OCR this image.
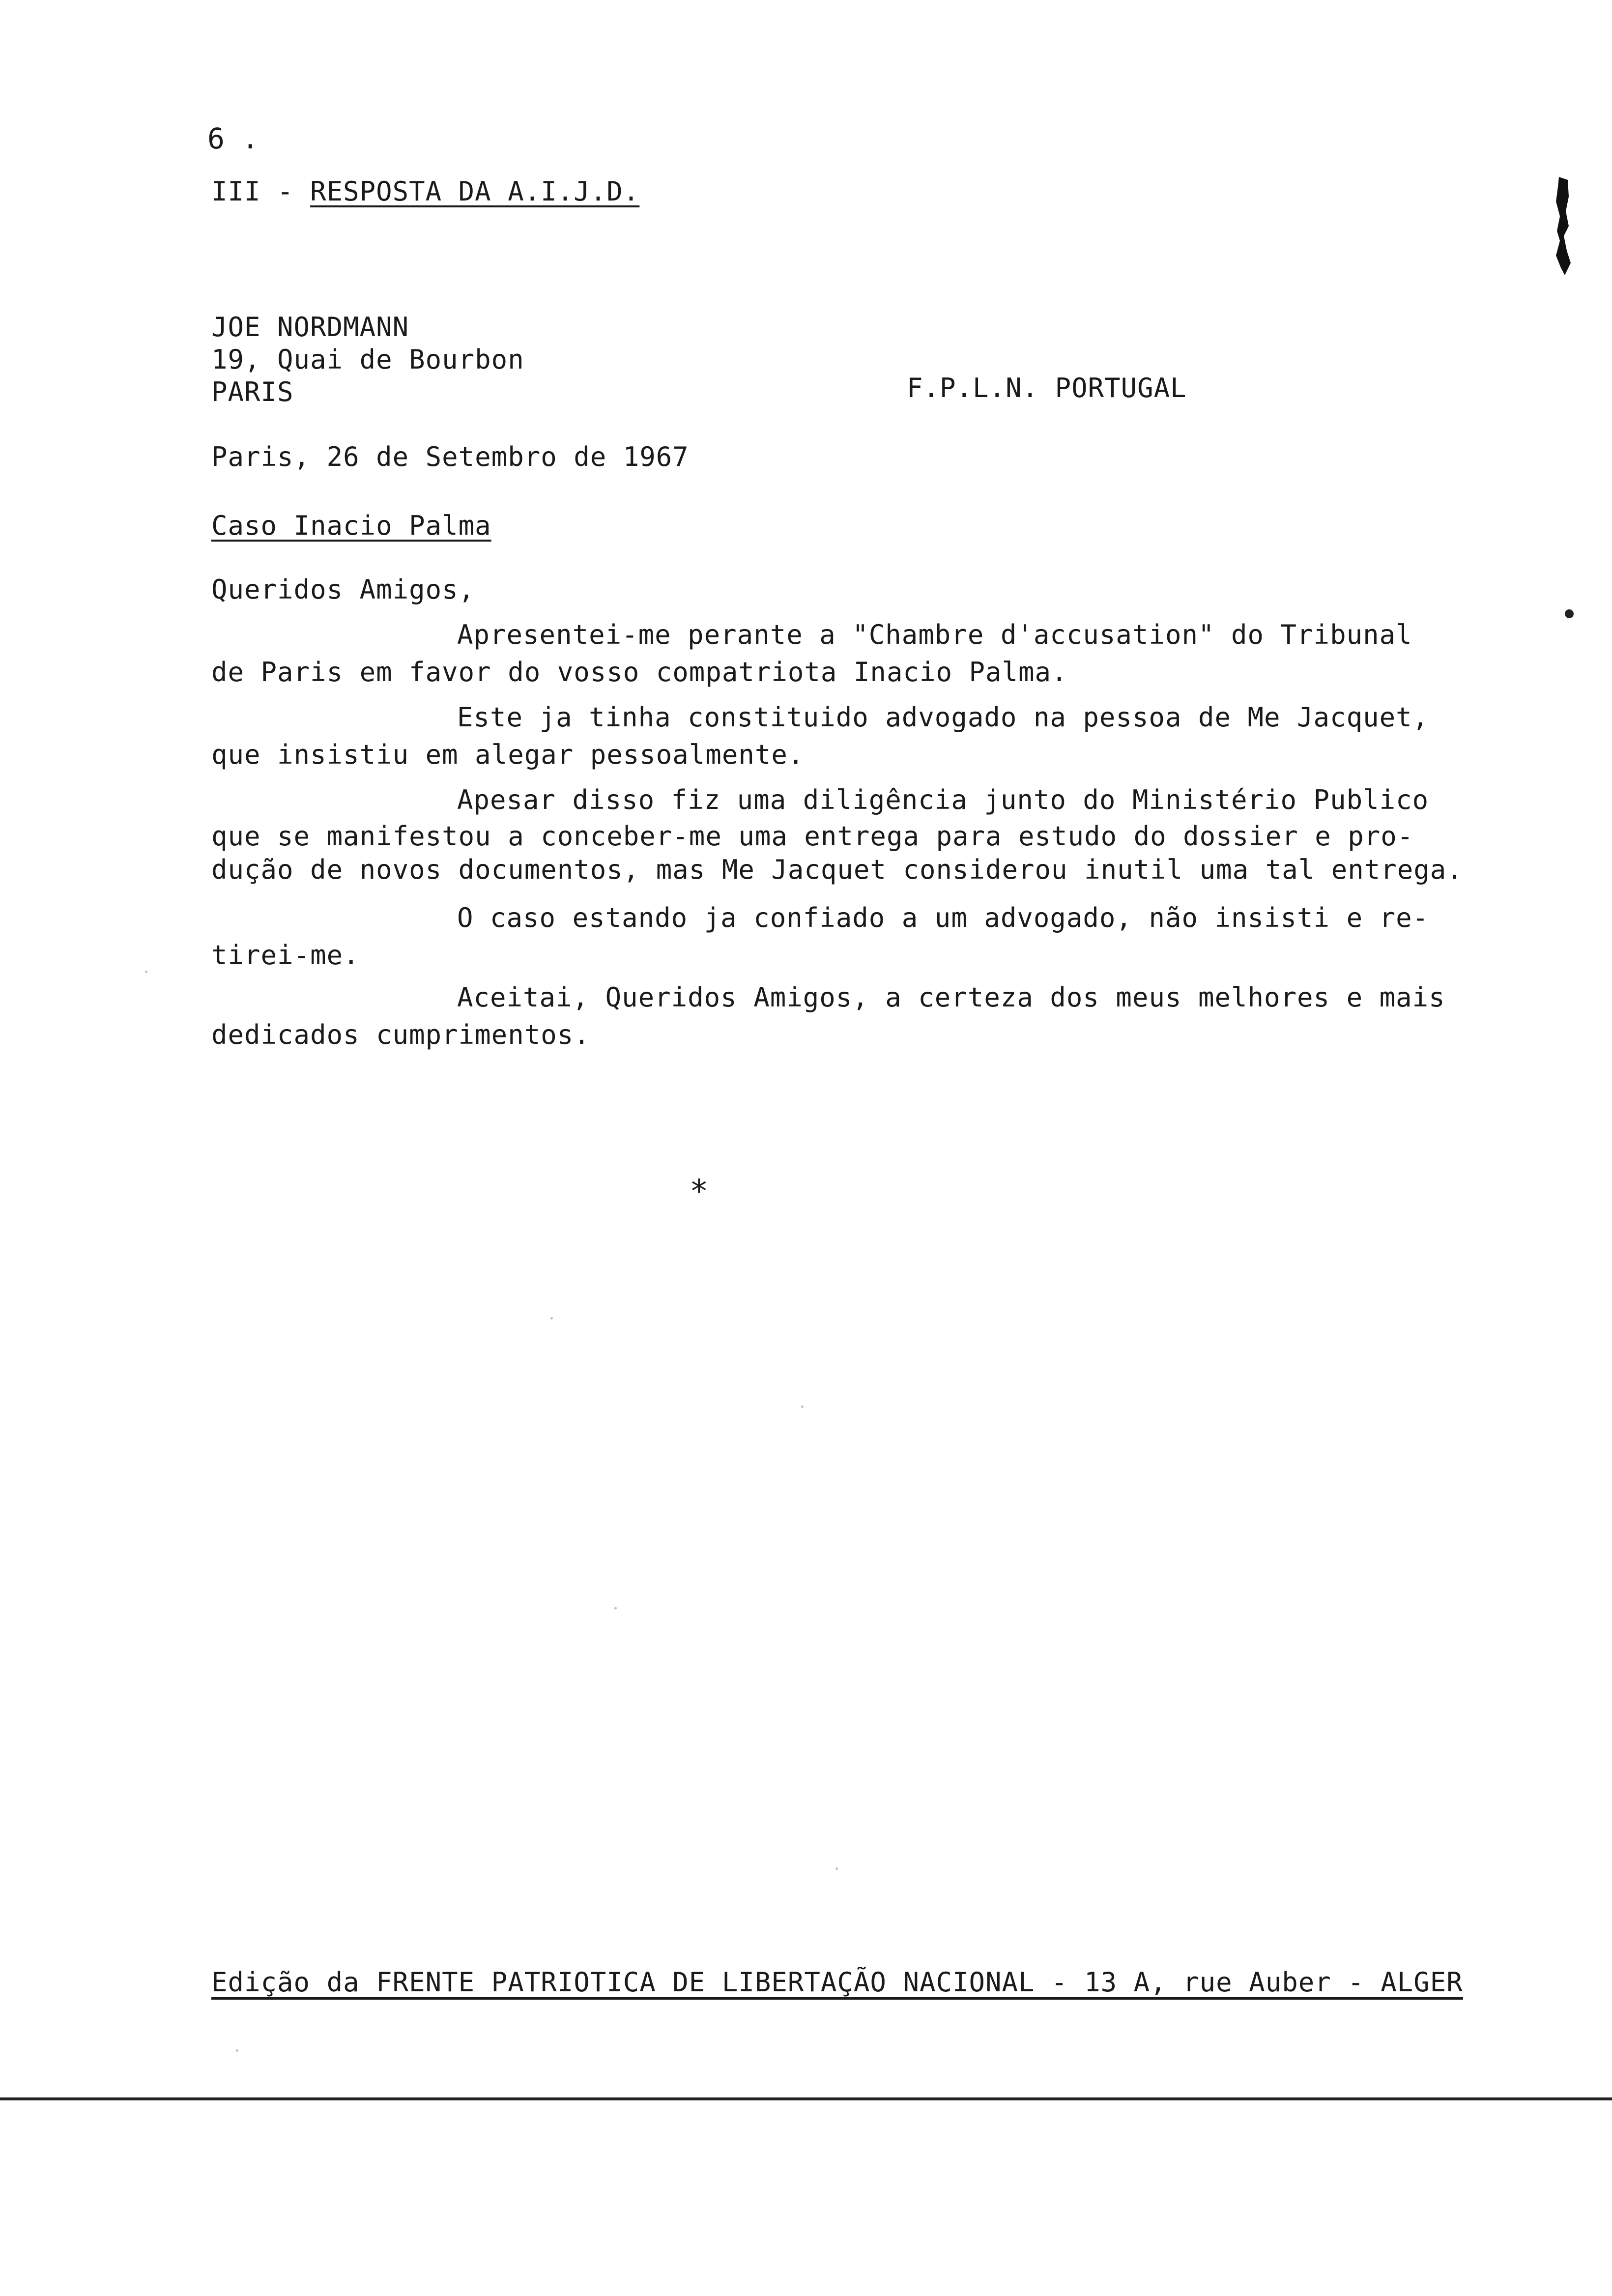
6 .
III - RESPOSTA DA A.I.J.D.
JOE NORDMANN
19, Quai de Bourbon
PARIS	F.P.L.N. PORTUGAL
Paris, 26 de Setembro de 1967
Caso Inacio Palma
Queridos Amigos,
Apresentei-me perante a "Chambre d'accusation" do Tribunal
de Paris em favor do vosso compatriota Inacio Palma.
Este ja tinha constituido advogado na pessoa de Me Jacquet,
que insistiu em alegar pessoalmente.
Apesar disso fiz uma diligência junto do Ministério Publico
que se manifestou a conceber-me uma entrega para estudo do dossier e pro-
dução de novos documentos, mas Me Jacquet considerou inutil uma tal entrega.
O caso estando ja confiado a um advogado, não insisti e re-
tirei-me.
Aceitai, Queridos Amigos, a certeza dos meus melhores e mais
dedicados cumprimentos.
*
Edição da FRENTE PATRIOTICA DE LIBERTAÇÃO NACIONAL - 13 A, rue Auber - ALGER
